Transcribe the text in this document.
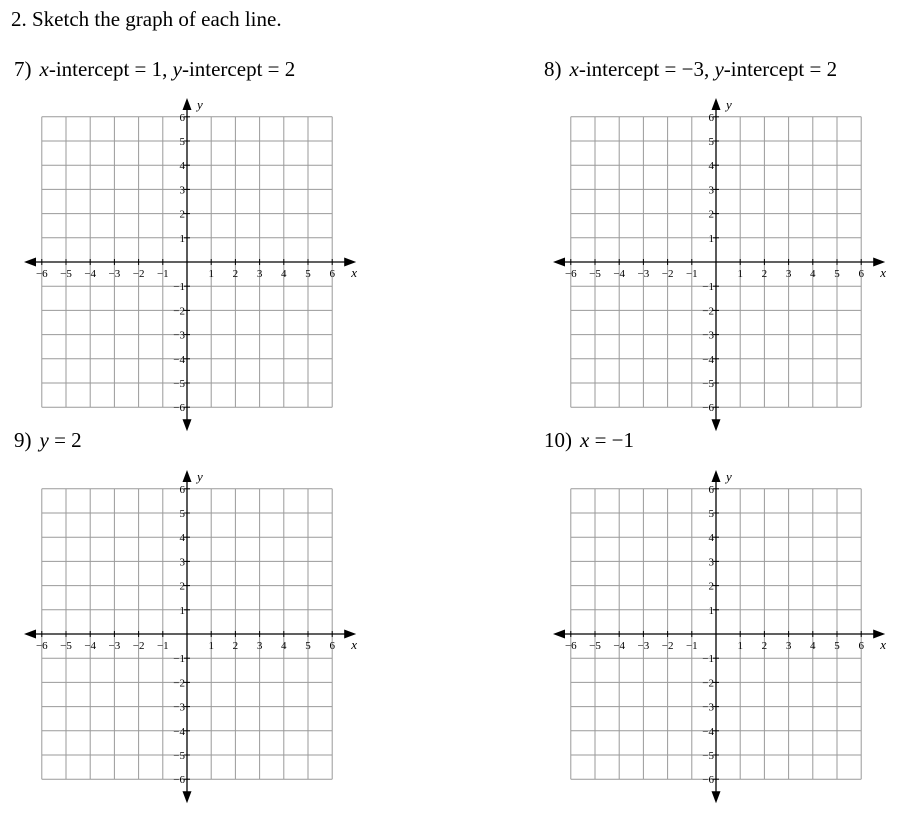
2. Sketch the graph of each line.
7) x-intercept = 1, y-intercept = 2	8) x-intercept = −3, y-intercept = 2
9) y = 2	10) x = −1
−6 −5 −4 −3 −2 −1	1 2 3 4 5 6
6
5
4
3
2
1
−1
−2
−3
−4
−5
−6
x
y
−6 −5 −4 −3 −2 −1	1 2 3 4 5 6
6
5
4
3
2
1
−1
−2
−3
−4
−5
−6
x
y
−6 −5 −4 −3 −2 −1	1 2 3 4 5 6
6
5
4
3
2
1
−1
−2
−3
−4
−5
−6
x
y
−6 −5 −4 −3 −2 −1	1 2 3 4 5 6
6
5
4
3
2
1
−1
−2
−3
−4
−5
−6
x
y
